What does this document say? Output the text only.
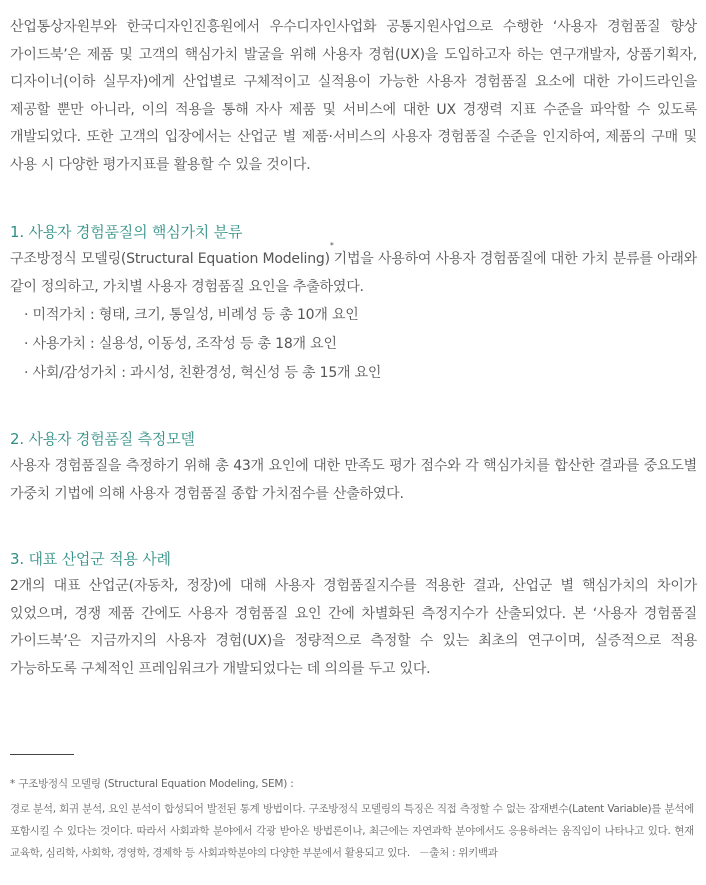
산업통상자원부와 한국디자인진흥원에서 우수디자인사업화 공통지원사업으로 수행한 ‘사용자 경험품질 향상 가이드북’은 제품 및 고객의 핵심가치 발굴을 위해 사용자 경험(UX)을 도입하고자 하는 연구개발자, 상품기획자, 디자이너(이하 실무자)에게 산업별로 구체적이고 실적용이 가능한 사용자 경험품질 요소에 대한 가이드라인을 제공할 뿐만 아니라, 이의 적용을 통해 자사 제품 및 서비스에 대한 UX 경쟁력 지표 수준을 파악할 수 있도록 개발되었다. 또한 고객의 입장에서는 산업군 별 제품·서비스의 사용자 경험품질 수준을 인지하여, 제품의 구매 및 사용 시 다양한 평가지표를 활용할 수 있을 것이다.

1. 사용자 경험품질의 핵심가치 분류

구조방정식 모델링(Structural Equation Modeling)*기법을 사용하여 사용자 경험품질에 대한 가치 분류를 아래와 같이 정의하고, 가치별 사용자 경험품질 요인을 추출하였다.

· 미적가치 : 형태, 크기, 통일성, 비례성 등 총 10개 요인
· 사용가치 : 실용성, 이동성, 조작성 등 총 18개 요인
· 사회/감성가치 : 과시성, 친환경성, 혁신성 등 총 15개 요인
2. 사용자 경험품질 측정모델

사용자 경험품질을 측정하기 위해 총 43개 요인에 대한 만족도 평가 점수와 각 핵심가치를 합산한 결과를 중요도별 가중치 기법에 의해 사용자 경험품질 종합 가치점수를 산출하였다.

3. 대표 산업군 적용 사례

2개의 대표 산업군(자동차, 정장)에 대해 사용자 경험품질지수를 적용한 결과, 산업군 별 핵심가치의 차이가 있었으며, 경쟁 제품 간에도 사용자 경험품질 요인 간에 차별화된 측정지수가 산출되었다. 본 ‘사용자 경험품질 가이드북’은 지금까지의 사용자 경험(UX)을 정량적으로 측정할 수 있는 최초의 연구이며, 실증적으로 적용 가능하도록 구체적인 프레임워크가 개발되었다는 데 의의를 두고 있다.

* 구조방정식 모델링 (Structural Equation Modeling, SEM) :
경로 분석, 회귀 분석, 요인 분석이 합성되어 발전된 통계 방법이다. 구조방정식 모델링의 특징은 직접 측정할 수 없는 잠재변수(Latent Variable)를 분석에 포함시킬 수 있다는 것이다. 따라서 사회과학 분야에서 각광 받아온 방법론이나, 최근에는 자연과학 분야에서도 응용하려는 움직임이 나타나고 있다. 현재 교육학, 심리학, 사회학, 경영학, 경제학 등 사회과학분야의 다양한 부분에서 활용되고 있다. －출처 : 위키백과
